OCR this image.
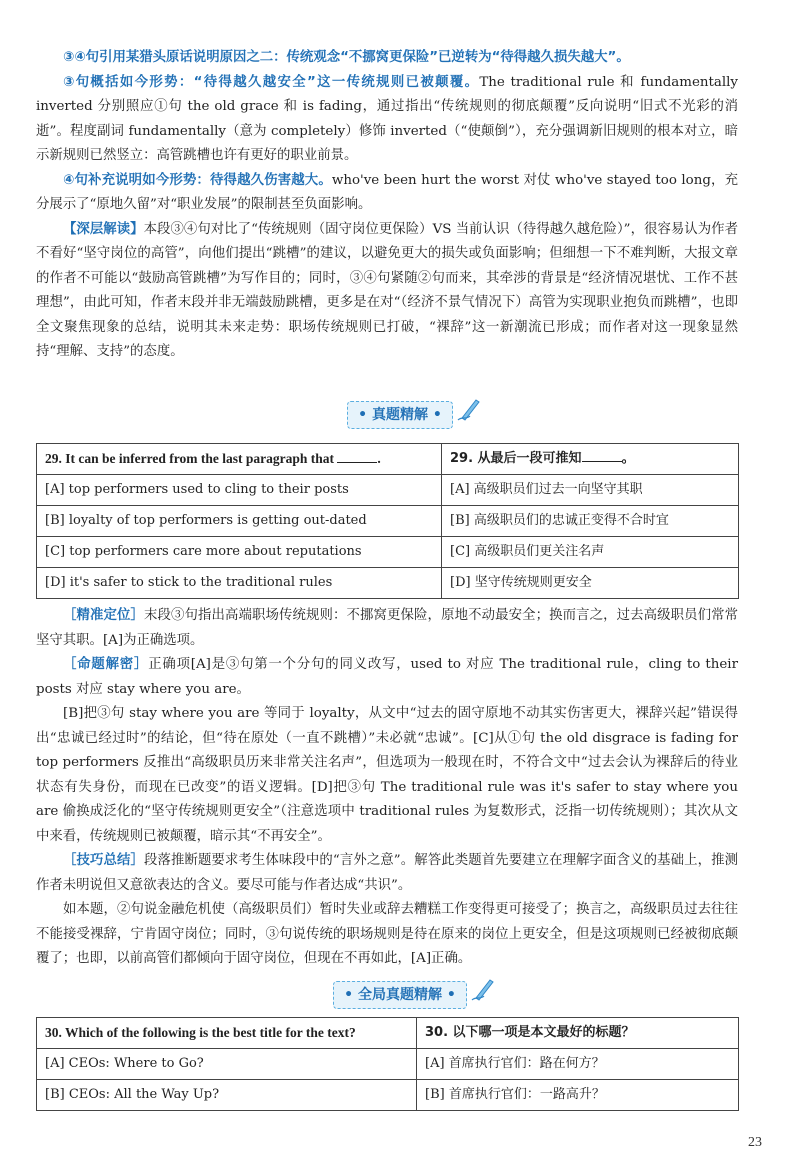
③④句引用某猎头原话说明原因之二：传统观念“不挪窝更保险”已逆转为“待得越久损失越大”。

③句概括如今形势：“待得越久越安全”这一传统规则已被颠覆。The traditional rule 和 fundamentally inverted 分别照应①句 the old grace 和 is fading，通过指出“传统规则的彻底颠覆”反向说明“旧式不光彩的消逝”。程度副词 fundamentally（意为 completely）修饰 inverted（“使颠倒”），充分强调新旧规则的根本对立，暗示新规则已然竖立：高管跳槽也许有更好的职业前景。

④句补充说明如今形势：待得越久伤害越大。who've been hurt the worst 对仗 who've stayed too long，充分展示了“原地久留”对“职业发展”的限制甚至负面影响。

【深层解读】本段③④句对比了“传统规则（固守岗位更保险）VS 当前认识（待得越久越危险）”，很容易认为作者不看好“坚守岗位的高管”，向他们提出“跳槽”的建议，以避免更大的损失或负面影响；但细想一下不难判断，大报文章的作者不可能以“鼓励高管跳槽”为写作目的；同时，③④句紧随②句而来，其牵涉的背景是“经济情况堪忧、工作不甚理想”，由此可知，作者末段并非无端鼓励跳槽，更多是在对“（经济不景气情况下）高管为实现职业抱负而跳槽”，也即全文聚焦现象的总结，说明其未来走势：职场传统规则已打破，“裸辞”这一新潮流已形成；而作者对这一现象显然持“理解、支持”的态度。

• 真题精解 •
29. It can be inferred from the last paragraph that .	29. 从最后一段可推知 。
[A] top performers used to cling to their posts	[A] 高级职员们过去一向坚守其职
[B] loyalty of top performers is getting out-dated	[B] 高级职员们的忠诚正变得不合时宜
[C] top performers care more about reputations	[C] 高级职员们更关注名声
[D] it's safer to stick to the traditional rules	[D] 坚守传统规则更安全

［精准定位］末段③句指出高端职场传统规则：不挪窝更保险，原地不动最安全；换而言之，过去高级职员们常常坚守其职。[A]为正确选项。

［命题解密］正确项[A]是③句第一个分句的同义改写，used to 对应 The traditional rule，cling to their posts 对应 stay where you are。

[B]把③句 stay where you are 等同于 loyalty，从文中“过去的固守原地不动其实伤害更大，裸辞兴起”错误得出“忠诚已经过时”的结论，但“待在原处（一直不跳槽）”未必就“忠诚”。[C]从①句 the old disgrace is fading for top performers 反推出“高级职员历来非常关注名声”，但选项为一般现在时，不符合文中“过去会认为裸辞后的待业状态有失身份，而现在已改变”的语义逻辑。[D]把③句 The traditional rule was it's safer to stay where you are 偷换成泛化的“坚守传统规则更安全”（注意选项中 traditional rules 为复数形式，泛指一切传统规则）；其次从文中来看，传统规则已被颠覆，暗示其“不再安全”。

［技巧总结］段落推断题要求考生体味段中的“言外之意”。解答此类题首先要建立在理解字面含义的基础上，推测作者未明说但又意欲表达的含义。要尽可能与作者达成“共识”。

如本题，②句说金融危机使（高级职员们）暂时失业或辞去糟糕工作变得更可接受了；换言之，高级职员过去往往不能接受裸辞，宁肯固守岗位；同时，③句说传统的职场规则是待在原来的岗位上更安全，但是这项规则已经被彻底颠覆了；也即，以前高管们都倾向于固守岗位，但现在不再如此，[A]正确。

• 全局真题精解 •
30. Which of the following is the best title for the text?	30. 以下哪一项是本文最好的标题？
[A] CEOs: Where to Go?	[A] 首席执行官们：路在何方？
[B] CEOs: All the Way Up?	[B] 首席执行官们：一路高升？
23
